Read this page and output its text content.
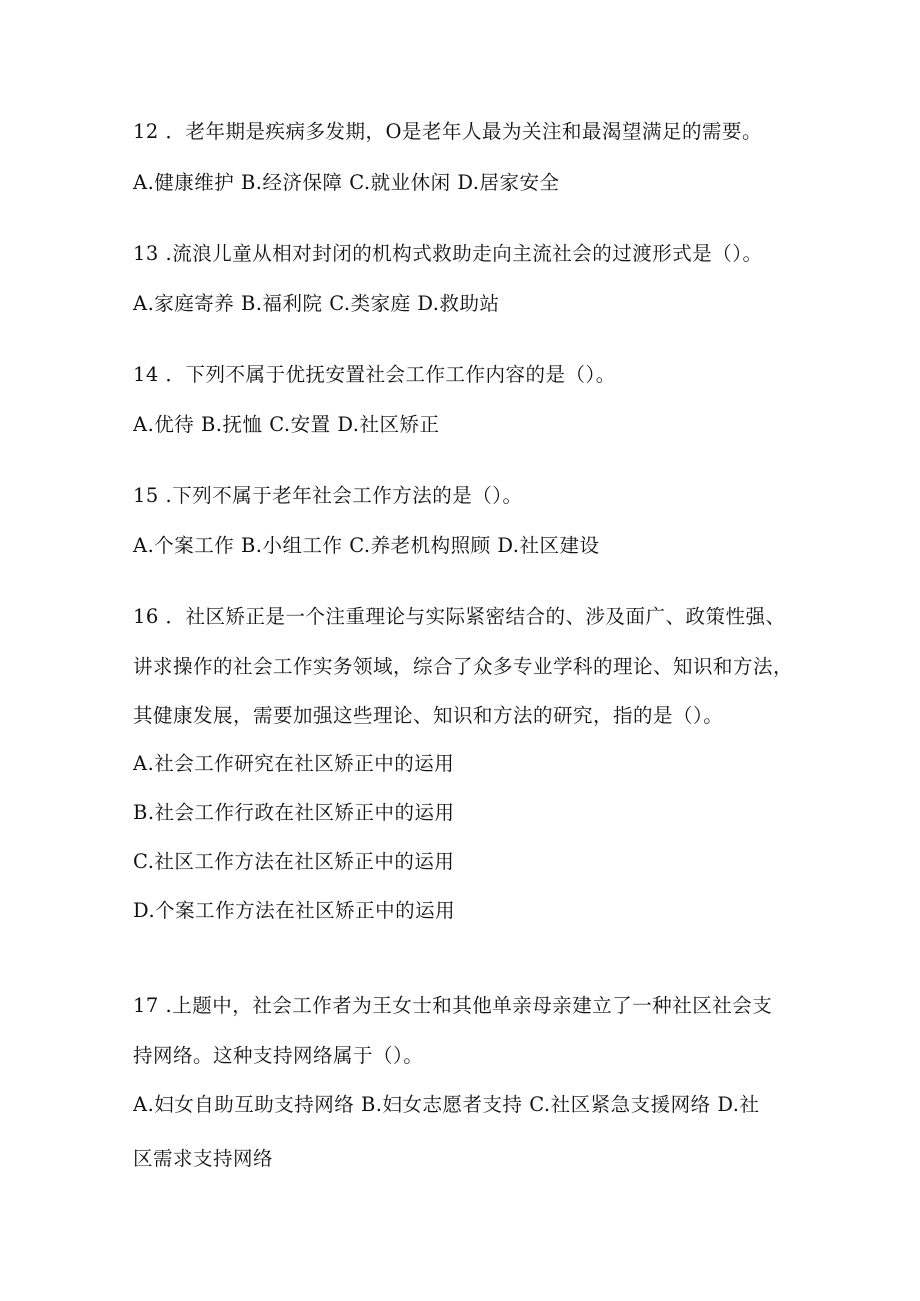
12 ．老年期是疾病多发期，O是老年人最为关注和最渴望满足的需要。
A.健康维护 B.经济保障 C.就业休闲 D.居家安全
13 .流浪儿童从相对封闭的机构式救助走向主流社会的过渡形式是（）。
A.家庭寄养 B.福利院 C.类家庭 D.救助站
14 ．下列不属于优抚安置社会工作工作内容的是（）。
A.优待 B.抚恤 C.安置 D.社区矫正
15 .下列不属于老年社会工作方法的是（）。
A.个案工作 B.小组工作 C.养老机构照顾 D.社区建设
16 ．社区矫正是一个注重理论与实际紧密结合的、涉及面广、政策性强、
讲求操作的社会工作实务领域，综合了众多专业学科的理论、知识和方法，
其健康发展，需要加强这些理论、知识和方法的研究，指的是（）。
A.社会工作研究在社区矫正中的运用
B.社会工作行政在社区矫正中的运用
C.社区工作方法在社区矫正中的运用
D.个案工作方法在社区矫正中的运用
17 .上题中，社会工作者为王女士和其他单亲母亲建立了一种社区社会支
持网络。这种支持网络属于（）。
A.妇女自助互助支持网络 B.妇女志愿者支持 C.社区紧急支援网络 D.社
区需求支持网络
